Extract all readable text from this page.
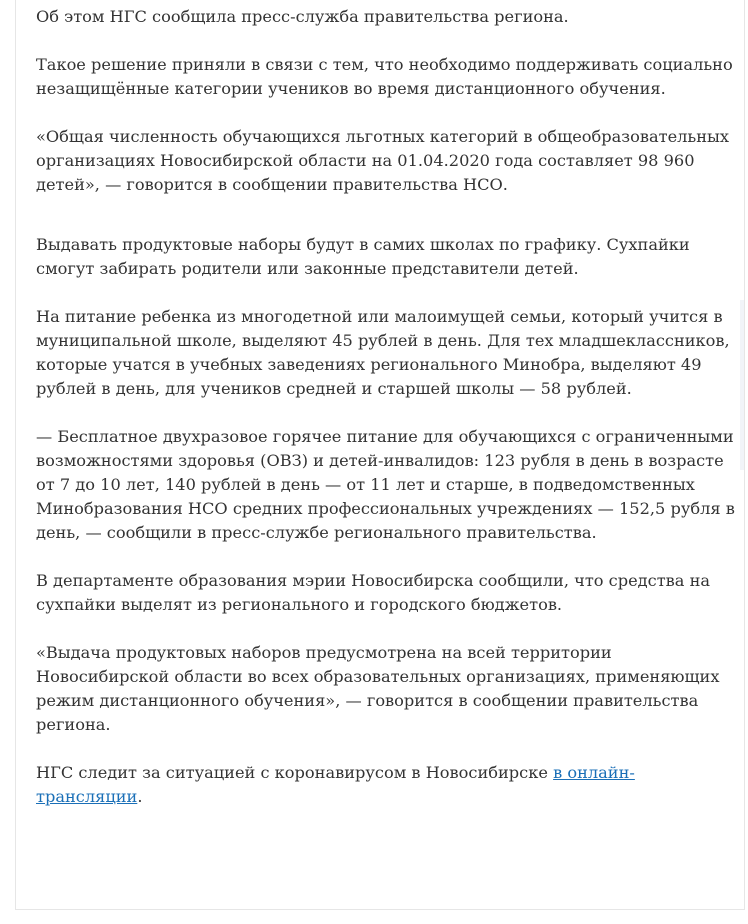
Об этом НГС сообщила пресс-служба правительства региона.

Такое решение приняли в связи с тем, что необходимо поддерживать социально незащищённые категории учеников во время дистанционного обучения.

«Общая численность обучающихся льготных категорий в общеобразовательных организациях Новосибирской области на 01.04.2020 года составляет 98 960 детей», — говорится в сообщении правительства НСО.

Выдавать продуктовые наборы будут в самих школах по графику. Сухпайки смогут забирать родители или законные представители детей.

На питание ребенка из многодетной или малоимущей семьи, который учится в муниципальной школе, выделяют 45 рублей в день. Для тех младшеклассников, которые учатся в учебных заведениях регионального Минобра, выделяют 49 рублей в день, для учеников средней и старшей школы — 58 рублей.

— Бесплатное двухразовое горячее питание для обучающихся с ограниченными возможностями здоровья (ОВЗ) и детей-инвалидов: 123 рубля в день в возрасте от 7 до 10 лет, 140 рублей в день — от 11 лет и старше, в подведомственных Минобразования НСО средних профессиональных учреждениях — 152,5 рубля в день, — сообщили в пресс-службе регионального правительства.

В департаменте образования мэрии Новосибирска сообщили, что средства на сухпайки выделят из регионального и городского бюджетов.

«Выдача продуктовых наборов предусмотрена на всей территории Новосибирской области во всех образовательных организациях, применяющих режим дистанционного обучения», — говорится в сообщении правительства региона.

НГС следит за ситуацией с коронавирусом в Новосибирске в онлайн-трансляции.
